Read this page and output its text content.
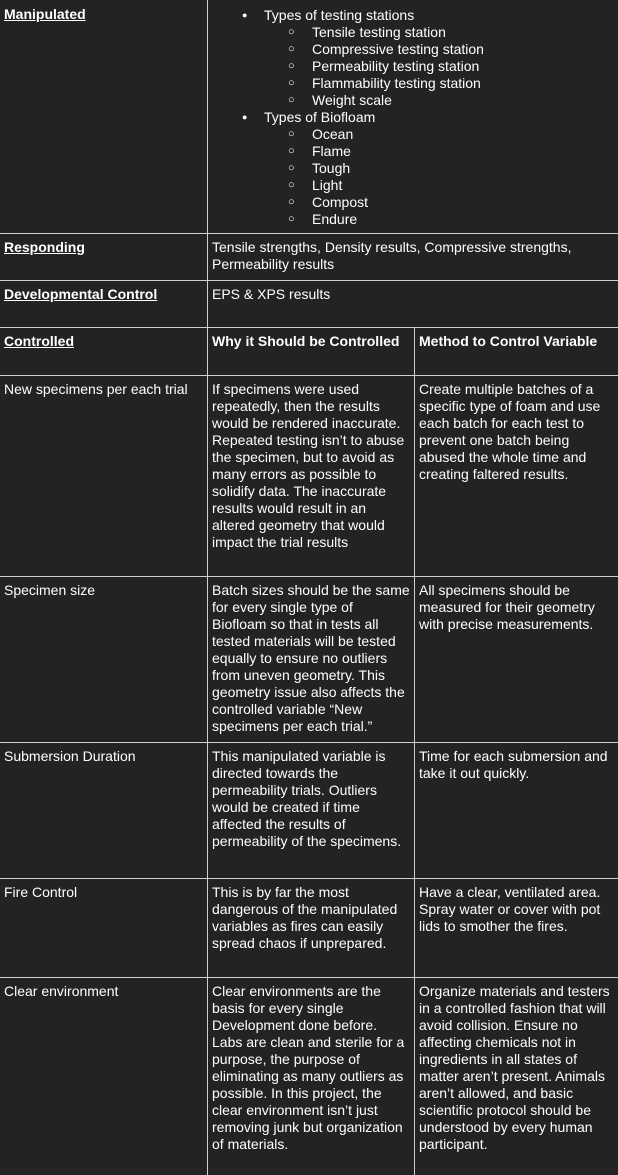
Manipulated
●	Types of testing stations
○ Tensile testing station
○ Compressive testing station
○ Permeability testing station
○ Flammability testing station
○ Weight scale
● Types of Biofloam
○ Ocean
○ Flame
○ Tough
○ Light
○ Compost
○ Endure
Responding	Tensile strengths, Density results, Compressive strengths, Permeability results

Developmental Control	EPS & XPS results

Controlled	Why it Should be Controlled	Method to Control Variable

New specimens per each trial	If specimens were used repeatedly, then the results would be rendered inaccurate. Repeated testing isn’t to abuse the specimen, but to avoid as many errors as possible to solidify data. The inaccurate results would result in an altered geometry that would impact the trial results

Create multiple batches of a specific type of foam and use each batch for each test to prevent one batch being abused the whole time and creating faltered results.

Specimen size	Batch sizes should be the same for every single type of Biofloam so that in tests all tested materials will be tested equally to ensure no outliers from uneven geometry. This geometry issue also affects the controlled variable “New specimens per each trial.”

All specimens should be measured for their geometry with precise measurements.

Submersion Duration	This manipulated variable is directed towards the permeability trials. Outliers would be created if time affected the results of permeability of the specimens.

Time for each submersion and take it out quickly.

Fire Control	This is by far the most dangerous of the manipulated variables as fires can easily spread chaos if unprepared.

Have a clear, ventilated area. Spray water or cover with pot lids to smother the fires.

Clear environment	Clear environments are the basis for every single Development done before. Labs are clean and sterile for a purpose, the purpose of eliminating as many outliers as possible. In this project, the clear environment isn’t just removing junk but organization of materials.

Organize materials and testers in a controlled fashion that will avoid collision. Ensure no affecting chemicals not in ingredients in all states of matter aren’t present. Animals aren’t allowed, and basic scientific protocol should be understood by every human participant.
